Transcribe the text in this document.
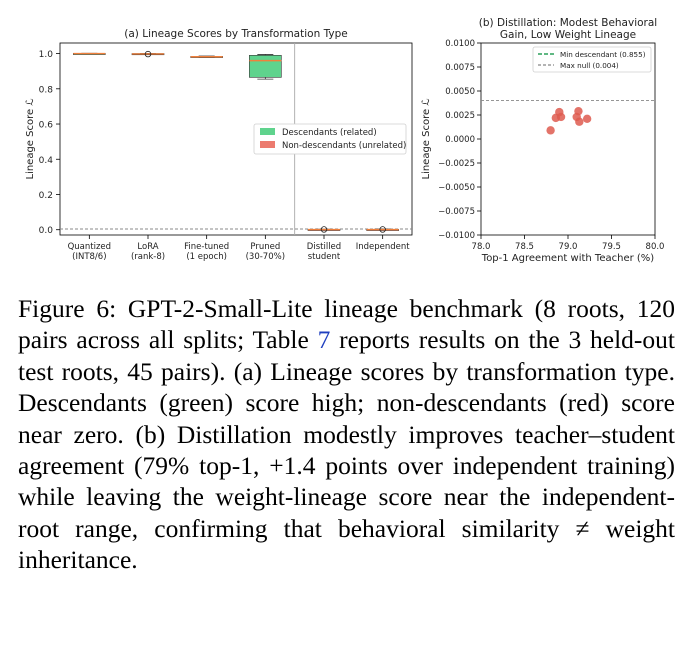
(a) Lineage Scores by Transformation Type
0.0
0.2
0.4
0.6
0.8
1.0
Quantized
(INT8/6)
LoRA
(rank-8)
Fine-tuned
(1 epoch)
Pruned
(30-70%)
Distilled
student
Independent
Lineage Score ℒ	Descendants (related)
Non-descendants (unrelated)
(b) Distillation: Modest Behavioral
Gain, Low Weight Lineage
−0.0100
−0.0075
−0.0050
−0.0025
0.0000
0.0025
0.0050
0.0075
0.0100
78.0	78.5	79.0	79.5	80.0
Lineage Score ℒ
Top-1 Agreement with Teacher (%)
Min descendant (0.855)
Max null (0.004)
Figure 6: GPT-2-Small-Lite lineage benchmark (8 roots, 120 pairs across all splits; Table 7 reports results on the 3 held-out test roots, 45 pairs). (a) Lineage scores by transformation type. Descendants (green) score high; non-descendants (red) score near zero. (b) Distillation modestly improves teacher–student agreement (79% top-1, +1.4 points over independent training) while leaving the weight-lineage score near the independent-root range, confirming that behavioral similarity ≠ weight inheritance.
